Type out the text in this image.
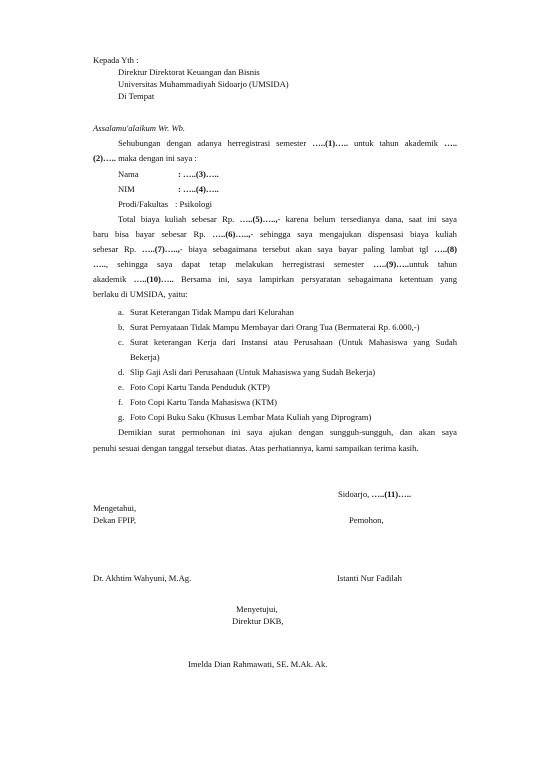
Kepada Yth :
Direktur Direktorat Keuangan dan Bisnis
Universitas Muhammadiyah Sidoarjo (UMSIDA)
Di Tempat
Assalamu'alaikum Wr. Wb.
Sehubungan dengan adanya herregistrasi semester …..(1)….. untuk tahun akademik …..
(2)….. maka dengan ini saya :
Nama	: …..(3)…..
NIM	: …..(4)…..
Prodi/Fakultas : Psikologi
Total biaya kuliah sebesar Rp. …..(5)…..,- karena belum tersedianya dana, saat ini saya
baru bisa bayar sebesar Rp. …..(6)…..,- sehingga saya mengajukan dispensasi biaya kuliah
sebesar Rp. …..(7)…..,- biaya sebagaimana tersebut akan saya bayar paling lambat tgl …..(8)
….., sehingga saya dapat tetap melakukan herregistrasi semester …..(9)…..untuk tahun
akademik …..(10)….. Bersama ini, saya lampirkan persyaratan sebagaimana ketentuan yang
berlaku di UMSIDA, yaitu:
a. Surat Keterangan Tidak Mampu dari Kelurahan
b. Surat Pernyataan Tidak Mampu Membayar dari Orang Tua (Bermaterai Rp. 6.000,-)
c. Surat keterangan Kerja dari Instansi atau Perusahaan (Untuk Mahasiswa yang Sudah
Bekerja)
d. Slip Gaji Asli dari Perusahaan (Untuk Mahasiswa yang Sudah Bekerja)
e. Foto Copi Kartu Tanda Penduduk (KTP)
f. Foto Copi Kartu Tanda Mahasiswa (KTM)
g. Foto Copi Buku Saku (Khusus Lembar Mata Kuliah yang Diprogram)
Demikian surat permohonan ini saya ajukan dengan sungguh-sungguh, dan akan saya
penuhi sesuai dengan tanggal tersebut diatas. Atas perhatiannya, kami sampaikan terima kasih.
Sidoarjo, …..(11)…..
Mengetahui,
Dekan FPIP,	Pemohon,
Dr. Akhtim Wahyuni, M.Ag.	Istanti Nur Fadilah
Menyetujui,
Direktur DKB,
Imelda Dian Rahmawati, SE. M.Ak. Ak.
